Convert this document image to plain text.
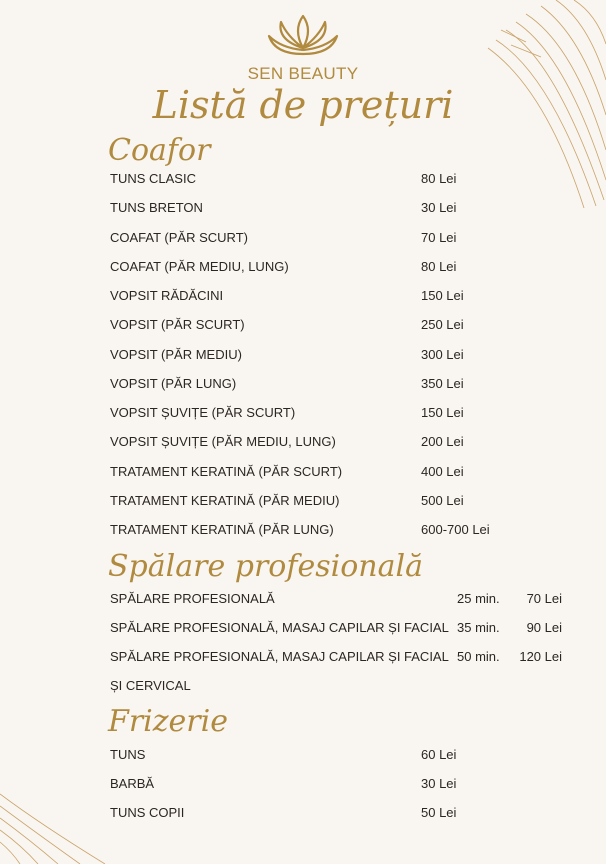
SEN BEAUTY
Listă de prețuri
Coafor
TUNS CLASIC	80 Lei
TUNS BRETON	30 Lei
COAFAT (PĂR SCURT)	70 Lei
COAFAT (PĂR MEDIU, LUNG)	80 Lei
VOPSIT RĂDĂCINI	150 Lei
VOPSIT (PĂR SCURT)	250 Lei
VOPSIT (PĂR MEDIU)	300 Lei
VOPSIT (PĂR LUNG)	350 Lei
VOPSIT ȘUVIȚE (PĂR SCURT)	150 Lei
VOPSIT ȘUVIȚE (PĂR MEDIU, LUNG)	200 Lei
TRATAMENT KERATINĂ (PĂR SCURT)	400 Lei
TRATAMENT KERATINĂ (PĂR MEDIU)	500 Lei
TRATAMENT KERATINĂ (PĂR LUNG)	600-700 Lei
Spălare profesională
SPĂLARE PROFESIONALĂ	25 min. 70 Lei
SPĂLARE PROFESIONALĂ, MASAJ CAPILAR ȘI FACIAL 35 min. 90 Lei
SPĂLARE PROFESIONALĂ, MASAJ CAPILAR ȘI FACIAL 50 min. 120 Lei
ȘI CERVICAL
Frizerie
TUNS	60 Lei
BARBĂ	30 Lei
TUNS COPII	50 Lei
